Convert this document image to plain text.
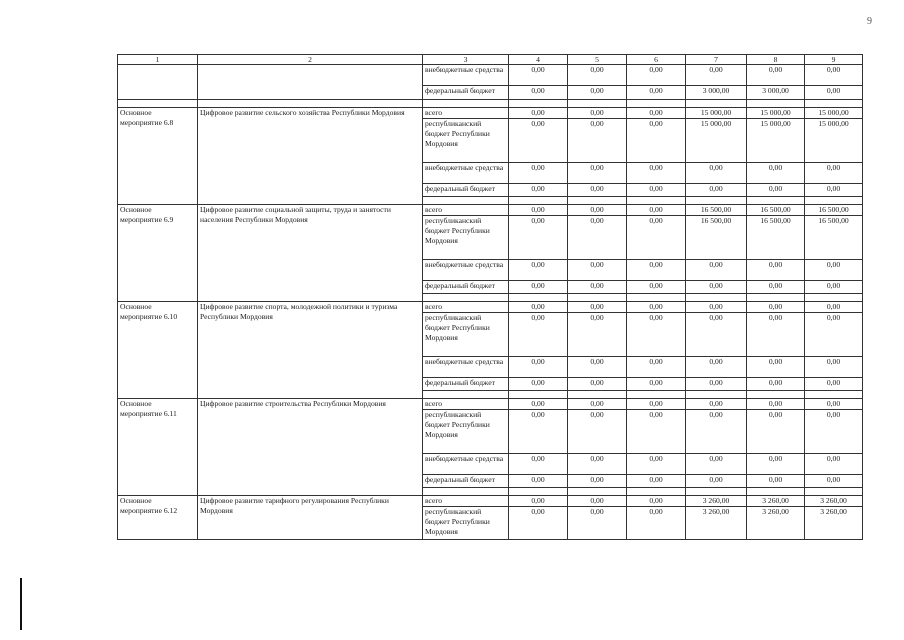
9
1	2	3	4	5	6	7	8	9
		внебюджетные средства	0,00	0,00	0,00	0,00	0,00	0,00
		федеральный бюджет	0,00	0,00	0,00	3 000,00	3 000,00	0,00

Основное мероприятие 6.8	Цифровое развитие сельского хозяйства Республики Мордовия	всего	0,00	0,00	0,00	15 000,00	15 000,00	15 000,00
		республиканский бюджет Республики Мордовия	0,00	0,00	0,00	15 000,00	15 000,00	15 000,00
		внебюджетные средства	0,00	0,00	0,00	0,00	0,00	0,00
		федеральный бюджет	0,00	0,00	0,00	0,00	0,00	0,00

Основное мероприятие 6.9	Цифровое развитие социальной защиты, труда и занятости населения Республики Мордовия	всего	0,00	0,00	0,00	16 500,00	16 500,00	16 500,00
		республиканский бюджет Республики Мордовия	0,00	0,00	0,00	16 500,00	16 500,00	16 500,00
		внебюджетные средства	0,00	0,00	0,00	0,00	0,00	0,00
		федеральный бюджет	0,00	0,00	0,00	0,00	0,00	0,00

Основное мероприятие 6.10	Цифровое развитие спорта, молодежной политики и туризма Республики Мордовия	всего	0,00	0,00	0,00	0,00	0,00	0,00
		республиканский бюджет Республики Мордовия	0,00	0,00	0,00	0,00	0,00	0,00
		внебюджетные средства	0,00	0,00	0,00	0,00	0,00	0,00
		федеральный бюджет	0,00	0,00	0,00	0,00	0,00	0,00

Основное мероприятие 6.11	Цифровое развитие строительства Республики Мордовия	всего	0,00	0,00	0,00	0,00	0,00	0,00
		республиканский бюджет Республики Мордовия	0,00	0,00	0,00	0,00	0,00	0,00
		внебюджетные средства	0,00	0,00	0,00	0,00	0,00	0,00
		федеральный бюджет	0,00	0,00	0,00	0,00	0,00	0,00

Основное мероприятие 6.12	Цифровое развитие тарифного регулирования Республики Мордовия	всего	0,00	0,00	0,00	3 260,00	3 260,00	3 260,00
		республиканский бюджет Республики Мордовия	0,00	0,00	0,00	3 260,00	3 260,00	3 260,00
